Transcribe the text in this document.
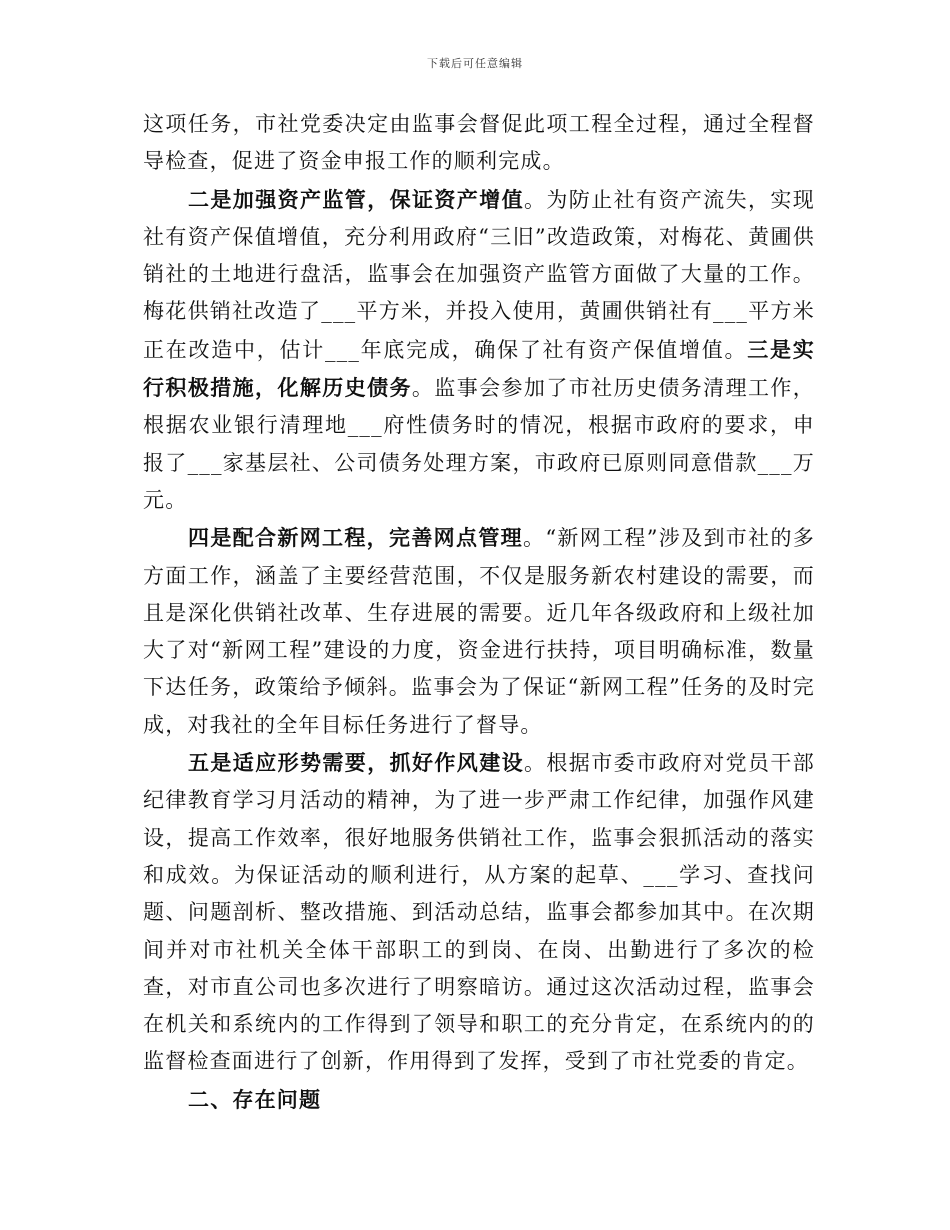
下载后可任意编辑

这项任务，市社党委决定由监事会督促此项工程全过程，通过全程督导检查，促进了资金申报工作的顺利完成。

二是加强资产监管，保证资产增值。为防止社有资产流失，实现社有资产保值增值，充分利用政府“三旧”改造政策，对梅花、黄圃供销社的土地进行盘活，监事会在加强资产监管方面做了大量的工作。梅花供销社改造了___平方米，并投入使用，黄圃供销社有___平方米正在改造中，估计___年底完成，确保了社有资产保值增值。三是实行积极措施，化解历史债务。监事会参加了市社历史债务清理工作，根据农业银行清理地___府性债务时的情况，根据市政府的要求，申报了___家基层社、公司债务处理方案，市政府已原则同意借款___万元。

四是配合新网工程，完善网点管理。“新网工程”涉及到市社的多方面工作，涵盖了主要经营范围，不仅是服务新农村建设的需要，而且是深化供销社改革、生存进展的需要。近几年各级政府和上级社加大了对“新网工程”建设的力度，资金进行扶持，项目明确标准，数量下达任务，政策给予倾斜。监事会为了保证“新网工程”任务的及时完成，对我社的全年目标任务进行了督导。

五是适应形势需要，抓好作风建设。根据市委市政府对党员干部纪律教育学习月活动的精神，为了进一步严肃工作纪律，加强作风建设，提高工作效率，很好地服务供销社工作，监事会狠抓活动的落实和成效。为保证活动的顺利进行，从方案的起草、___学习、查找问题、问题剖析、整改措施、到活动总结，监事会都参加其中。在次期间并对市社机关全体干部职工的到岗、在岗、出勤进行了多次的检查，对市直公司也多次进行了明察暗访。通过这次活动过程，监事会在机关和系统内的工作得到了领导和职工的充分肯定，在系统内的的监督检查面进行了创新，作用得到了发挥，受到了市社党委的肯定。

二、存在问题
